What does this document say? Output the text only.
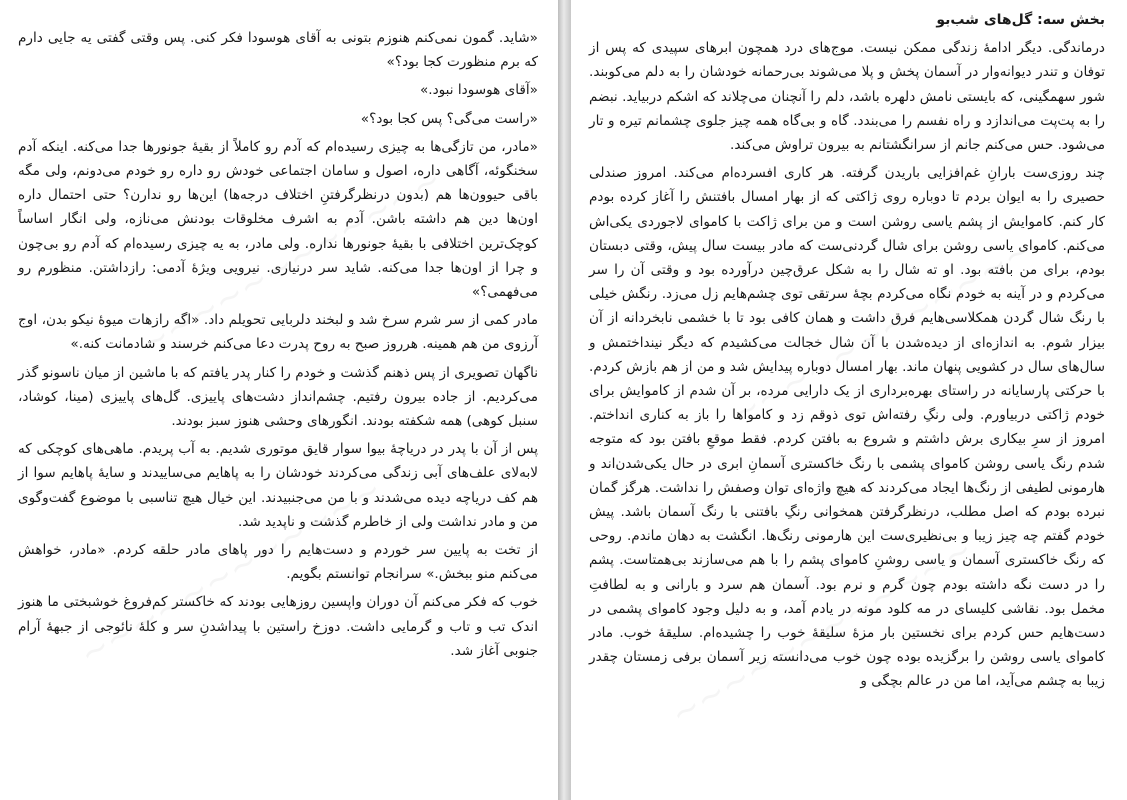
«شاید. گمون نمی‌کنم هنوزم بتونی به آقای هوسودا فکر کنی. پس وقتی گفتی یه جایی دارم که برم منظورت کجا بود؟»

«آقای هوسودا نبود.»

«راست می‌گی؟ پس کجا بود؟»

«مادر، من تازگی‌ها به چیزی رسیده‌ام که آدم رو کاملاً از بقیهٔ جونورها جدا می‌کنه. اینکه آدم سخنگوئه، آگاهی داره، اصول و سامان اجتماعی خودش رو داره رو خودم می‌دونم، ولی مگه باقی حیوون‌ها هم (بدون درنظرگرفتنِ اختلاف درجه‌ها) این‌ها رو ندارن؟ حتی احتمال داره اون‌ها دین هم داشته باشن. آدم به اشرف مخلوقات بودنش می‌نازه، ولی انگار اساساً کوچک‌ترین اختلافی با بقیهٔ جونورها نداره. ولی مادر، به یه چیزی رسیده‌ام که آدم رو بی‌چون و چرا از اون‌ها جدا می‌کنه. شاید سر درنیاری. نیرویی ویژهٔ آدمی: رازداشتن. منظورم رو می‌فهمی؟»

مادر کمی از سر شرم سرخ شد و لبخند دلربایی تحویلم داد. «اگه رازهات میوهٔ نیکو بدن، اوج آرزوی من هم همینه. هرروز صبح به روح پدرت دعا می‌کنم خرسند و شادمانت کنه.»

ناگهان تصویری از پس ذهنم گذشت و خودم را کنار پدر یافتم که با ماشین از میان ناسونو گذر می‌کردیم. از جاده بیرون رفتیم. چشم‌انداز دشت‌های پاییزی. گل‌های پاییزی (مینا، کوشاد، سنبل کوهی) همه شکفته بودند. انگورهای وحشی هنوز سبز بودند.

پس از آن با پدر در دریاچهٔ بیوا سوار قایق موتوری شدیم. به آب پریدم. ماهی‌های کوچکی که لابه‌لای علف‌های آبی زندگی می‌کردند خودشان را به پاهایم می‌ساییدند و سایهٔ پاهایم سوا از هم کف دریاچه دیده می‌شدند و با من می‌جنبیدند. این خیال هیچ تناسبی با موضوع گفت‌وگوی من و مادر نداشت ولی از خاطرم گذشت و ناپدید شد.

از تخت به پایین سر خوردم و دست‌هایم را دور پاهای مادر حلقه کردم. «مادر، خواهش می‌کنم منو ببخش.» سرانجام توانستم بگویم.

خوب که فکر می‌کنم آن دوران واپسین روزهایی بودند که خاکستر کم‌فروغ خوشبختی ما هنوز اندک تب و تاب و گرمایی داشت. دوزخ راستین با پیداشدنِ سر و کلهٔ نائوجی از جبههٔ آرام جنوبی آغاز شد.

بخش سه: گل‌های شب‌بو

درماندگی. دیگر ادامهٔ زندگی ممکن نیست. موج‌های درد همچون ابرهای سپیدی که پس از توفان و تندر دیوانه‌وار در آسمان پخش و پلا می‌شوند بی‌رحمانه خودشان را به دلم می‌کوبند. شور سهمگینی، که بایستی نامش دلهره باشد، دلم را آنچنان می‌چلاند که اشکم دربیاید. نبضم را به پت‌پت می‌اندازد و راه نفسم را می‌بندد. گاه و بی‌گاه همه چیز جلوی چشمانم تیره و تار می‌شود. حس می‌کنم جانم از سرانگشتانم به بیرون تراوش می‌کند.

چند روزی‌ست بارانِ غم‌افزایی باریدن گرفته. هر کاری افسرده‌ام می‌کند. امروز صندلی حصیری را به ایوان بردم تا دوباره روی ژاکتی که از بهار امسال بافتنش را آغاز کرده بودم کار کنم. کاموایش از پشم یاسی روشن است و من برای ژاکت با کاموای لاجوردی یکی‌اش می‌کنم. کاموای یاسی روشن برای شال گردنی‌ست که مادر بیست سال پیش، وقتی دبستان بودم، برای من بافته بود. او ته شال را به شکل عرق‌چین درآورده بود و وقتی آن را سر می‌کردم و در آینه به خودم نگاه می‌کردم بچهٔ سرتقی توی چشم‌هایم زل می‌زد. رنگش خیلی با رنگ شال گردن همکلاسی‌هایم فرق داشت و همان کافی بود تا با خشمی نابخردانه از آن بیزار شوم. به اندازه‌ای از دیده‌شدن با آن شال خجالت می‌کشیدم که دیگر نینداختمش و سال‌های سال در کشویی پنهان ماند. بهار امسال دوباره پیدایش شد و من از هم بازش کردم. با حرکتی پارسایانه در راستای بهره‌برداری از یک دارایی مرده، بر آن شدم از کاموایش برای خودم ژاکتی دربیاورم. ولی رنگِ رفته‌اش توی ذوقم زد و کامواها را باز به کناری انداختم. امروز از سرِ بیکاری برش داشتم و شروع به بافتن کردم. فقط موقعِ بافتن بود که متوجه شدم رنگ یاسی روشن کاموای پشمی با رنگ خاکستری آسمانِ ابری در حال یکی‌شدن‌اند و هارمونی لطیفی از رنگ‌ها ایجاد می‌کردند که هیچ واژه‌ای توان وصفش را نداشت. هرگز گمان نبرده بودم که اصل مطلب، درنظرگرفتن همخوانی رنگِ بافتنی با رنگ آسمان باشد. پیش خودم گفتم چه چیز زیبا و بی‌نظیری‌ست این هارمونی رنگ‌ها. انگشت به دهان ماندم. روحی که رنگ خاکستری آسمان و یاسی روشنِ کاموای پشم را با هم می‌سازند بی‌همتاست. پشم را در دست نگه داشته بودم چون گرم و نرم بود. آسمان هم سرد و بارانی و به لطافتِ مخمل بود. نقاشی کلیسای در مه کلود مونه در یادم آمد، و به دلیل وجود کاموای پشمی در دست‌هایم حس کردم برای نخستین بار مزهٔ سلیقهٔ خوب را چشیده‌ام. سلیقهٔ خوب. مادر کاموای یاسی روشن را برگزیده بوده چون خوب می‌دانسته زیر آسمان برفی زمستان چقدر زیبا به چشم می‌آید، اما من در عالم بچگی و
